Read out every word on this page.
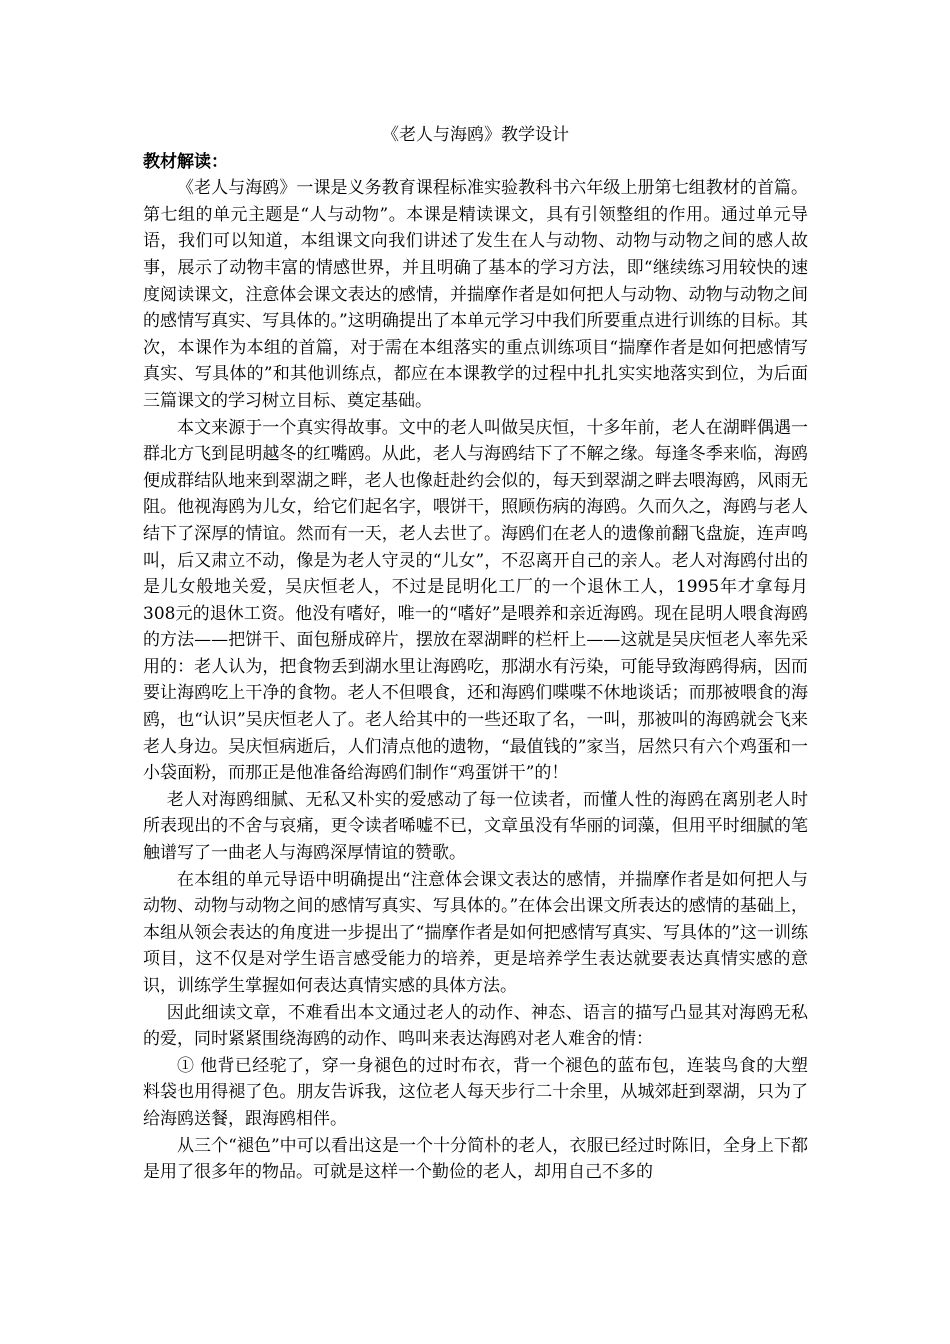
《老人与海鸥》教学设计

教材解读：

《老人与海鸥》一课是义务教育课程标准实验教科书六年级上册第七组教材的首篇。第七组的单元主题是“人与动物”。本课是精读课文，具有引领整组的作用。通过单元导语，我们可以知道，本组课文向我们讲述了发生在人与动物、动物与动物之间的感人故事，展示了动物丰富的情感世界，并且明确了基本的学习方法，即“继续练习用较快的速度阅读课文，注意体会课文表达的感情，并揣摩作者是如何把人与动物、动物与动物之间的感情写真实、写具体的。”这明确提出了本单元学习中我们所要重点进行训练的目标。其次，本课作为本组的首篇，对于需在本组落实的重点训练项目“揣摩作者是如何把感情写真实、写具体的”和其他训练点，都应在本课教学的过程中扎扎实实地落实到位，为后面三篇课文的学习树立目标、奠定基础。

本文来源于一个真实得故事。文中的老人叫做吴庆恒，十多年前，老人在湖畔偶遇一群北方飞到昆明越冬的红嘴鸥。从此，老人与海鸥结下了不解之缘。每逢冬季来临，海鸥便成群结队地来到翠湖之畔，老人也像赶赴约会似的，每天到翠湖之畔去喂海鸥，风雨无阻。他视海鸥为儿女，给它们起名字，喂饼干，照顾伤病的海鸥。久而久之，海鸥与老人结下了深厚的情谊。然而有一天，老人去世了。海鸥们在老人的遗像前翻飞盘旋，连声鸣叫，后又肃立不动，像是为老人守灵的“儿女”，不忍离开自己的亲人。老人对海鸥付出的是儿女般地关爱，吴庆恒老人，不过是昆明化工厂的一个退休工人，1995年才拿每月308元的退休工资。他没有嗜好，唯一的“嗜好”是喂养和亲近海鸥。现在昆明人喂食海鸥的方法——把饼干、面包掰成碎片，摆放在翠湖畔的栏杆上——这就是吴庆恒老人率先采用的：老人认为，把食物丢到湖水里让海鸥吃，那湖水有污染，可能导致海鸥得病，因而要让海鸥吃上干净的食物。老人不但喂食，还和海鸥们喋喋不休地谈话；而那被喂食的海鸥，也“认识”吴庆恒老人了。老人给其中的一些还取了名，一叫，那被叫的海鸥就会飞来老人身边。吴庆恒病逝后，人们清点他的遗物，“最值钱的”家当，居然只有六个鸡蛋和一小袋面粉，而那正是他准备给海鸥们制作“鸡蛋饼干”的！

老人对海鸥细腻、无私又朴实的爱感动了每一位读者，而懂人性的海鸥在离别老人时所表现出的不舍与哀痛，更令读者唏嘘不已，文章虽没有华丽的词藻，但用平时细腻的笔触谱写了一曲老人与海鸥深厚情谊的赞歌。

在本组的单元导语中明确提出“注意体会课文表达的感情，并揣摩作者是如何把人与动物、动物与动物之间的感情写真实、写具体的。”在体会出课文所表达的感情的基础上，本组从领会表达的角度进一步提出了“揣摩作者是如何把感情写真实、写具体的”这一训练项目，这不仅是对学生语言感受能力的培养，更是培养学生表达就要表达真情实感的意识，训练学生掌握如何表达真情实感的具体方法。

因此细读文章，不难看出本文通过老人的动作、神态、语言的描写凸显其对海鸥无私的爱，同时紧紧围绕海鸥的动作、鸣叫来表达海鸥对老人难舍的情：

① 他背已经驼了，穿一身褪色的过时布衣，背一个褪色的蓝布包，连装鸟食的大塑料袋也用得褪了色。朋友告诉我，这位老人每天步行二十余里，从城郊赶到翠湖，只为了给海鸥送餐，跟海鸥相伴。

从三个“褪色”中可以看出这是一个十分简朴的老人，衣服已经过时陈旧，全身上下都是用了很多年的物品。可就是这样一个勤俭的老人，却用自己不多的
